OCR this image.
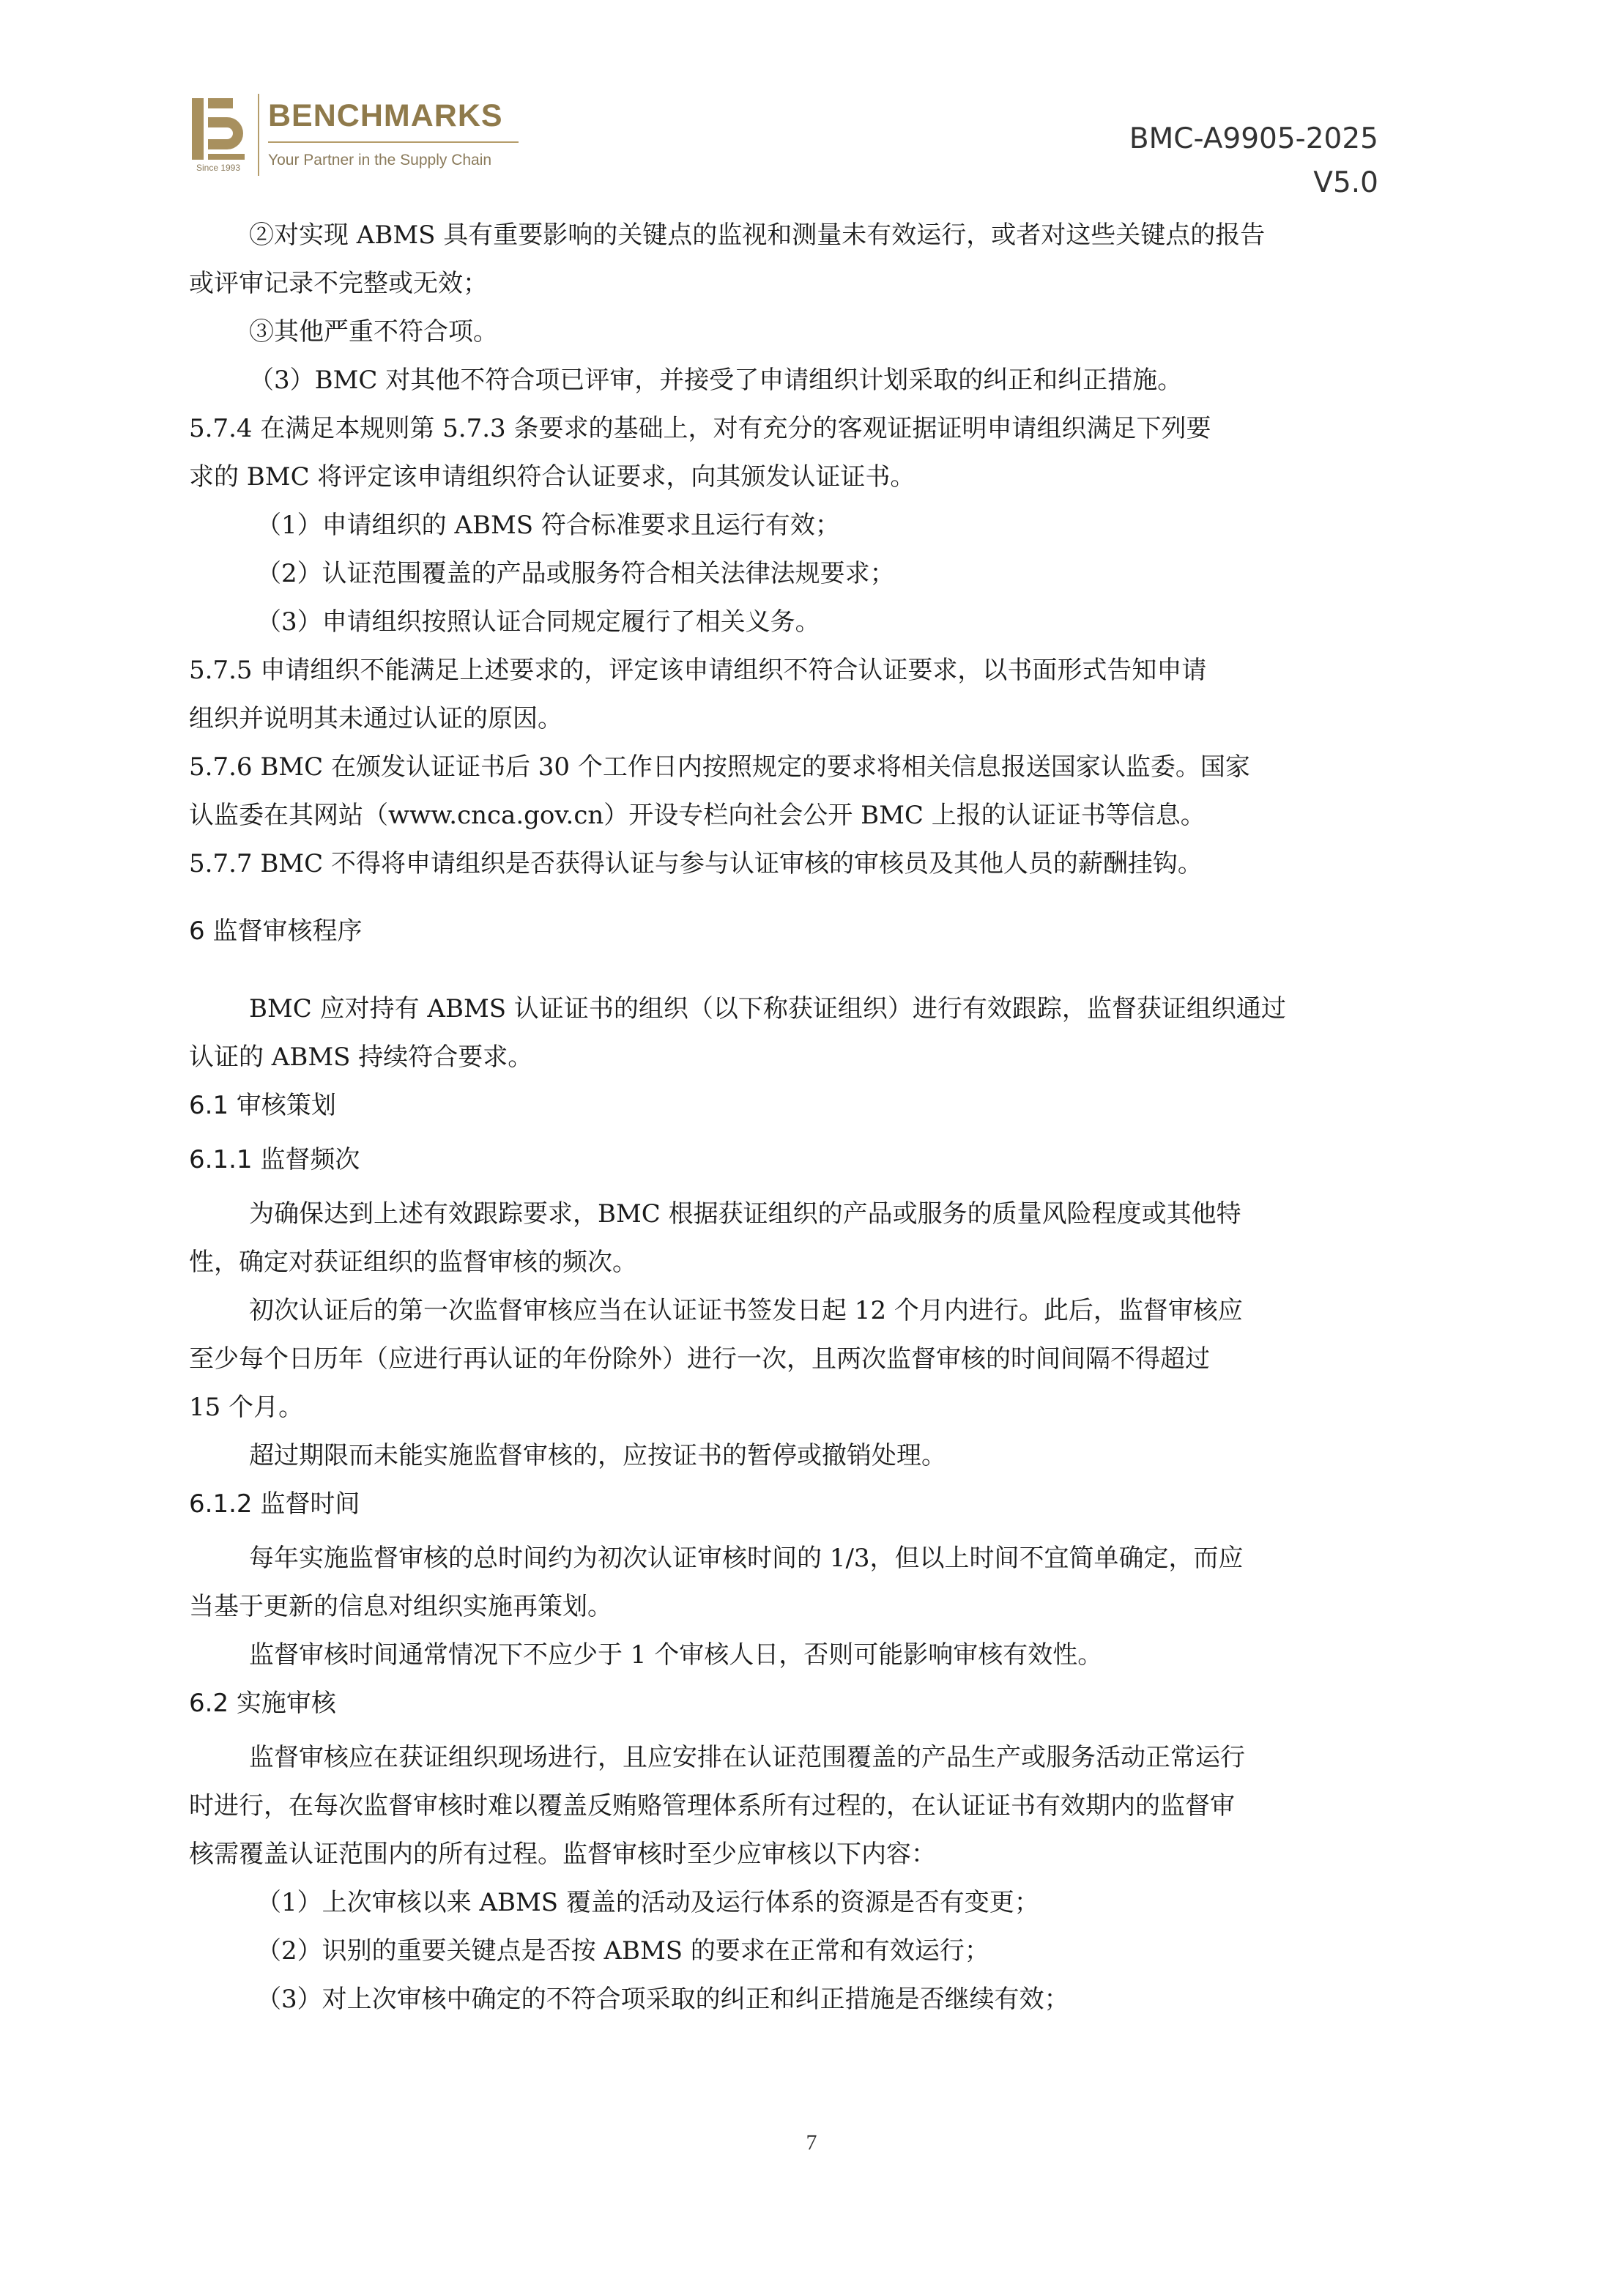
Since 1993
BENCHMARKS
Your Partner in the Supply Chain
BMC-A9905-2025
V5.0

②对实现 ABMS 具有重要影响的关键点的监视和测量未有效运行，或者对这些关键点的报告

或评审记录不完整或无效；

③其他严重不符合项。

（3）BMC 对其他不符合项已评审，并接受了申请组织计划采取的纠正和纠正措施。

5.7.4 在满足本规则第 5.7.3 条要求的基础上，对有充分的客观证据证明申请组织满足下列要

求的 BMC 将评定该申请组织符合认证要求，向其颁发认证证书。

（1）申请组织的 ABMS 符合标准要求且运行有效；

（2）认证范围覆盖的产品或服务符合相关法律法规要求；

（3）申请组织按照认证合同规定履行了相关义务。

5.7.5 申请组织不能满足上述要求的，评定该申请组织不符合认证要求，以书面形式告知申请

组织并说明其未通过认证的原因。

5.7.6 BMC 在颁发认证证书后 30 个工作日内按照规定的要求将相关信息报送国家认监委。国家

认监委在其网站（www.cnca.gov.cn）开设专栏向社会公开 BMC 上报的认证证书等信息。

5.7.7 BMC 不得将申请组织是否获得认证与参与认证审核的审核员及其他人员的薪酬挂钩。

6 监督审核程序

BMC 应对持有 ABMS 认证证书的组织（以下称获证组织）进行有效跟踪，监督获证组织通过

认证的 ABMS 持续符合要求。

6.1 审核策划

6.1.1 监督频次

为确保达到上述有效跟踪要求，BMC 根据获证组织的产品或服务的质量风险程度或其他特

性，确定对获证组织的监督审核的频次。

初次认证后的第一次监督审核应当在认证证书签发日起 12 个月内进行。此后，监督审核应

至少每个日历年（应进行再认证的年份除外）进行一次，且两次监督审核的时间间隔不得超过

15 个月。

超过期限而未能实施监督审核的，应按证书的暂停或撤销处理。

6.1.2 监督时间

每年实施监督审核的总时间约为初次认证审核时间的 1/3，但以上时间不宜简单确定，而应

当基于更新的信息对组织实施再策划。

监督审核时间通常情况下不应少于 1 个审核人日，否则可能影响审核有效性。

6.2 实施审核

监督审核应在获证组织现场进行，且应安排在认证范围覆盖的产品生产或服务活动正常运行

时进行，在每次监督审核时难以覆盖反贿赂管理体系所有过程的，在认证证书有效期内的监督审

核需覆盖认证范围内的所有过程。监督审核时至少应审核以下内容：

（1）上次审核以来 ABMS 覆盖的活动及运行体系的资源是否有变更；

（2）识别的重要关键点是否按 ABMS 的要求在正常和有效运行；

（3）对上次审核中确定的不符合项采取的纠正和纠正措施是否继续有效；

7
